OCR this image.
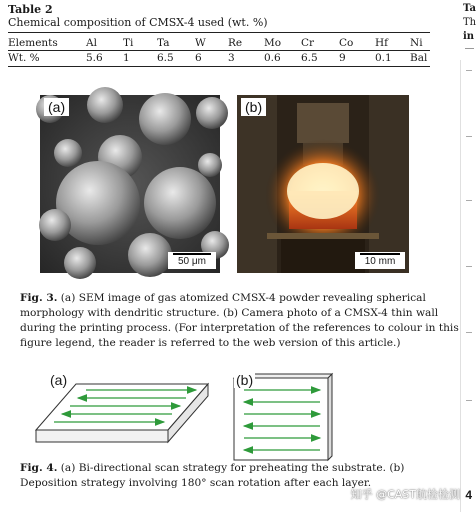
Table 2
Chemical composition of CMSX-4 used (wt. %)
Elements	Al	Ti	Ta	W	Re	Mo	Cr	Co	Hf	Ni
Wt. %	5.6	1	6.5	6	3	0.6	6.5	9	0.1	Bal
Ta
Th
in
(a)
50 μm
(b)
10 mm
Fig. 3. (a) SEM image of gas atomized CMSX-4 powder revealing spherical morphology with dendritic structure. (b) Camera photo of a CMSX-4 thin wall during the printing process. (For interpretation of the references to colour in this figure legend, the reader is referred to the web version of this article.)
(a)	(b)
Fig. 4. (a) Bi-directional scan strategy for preheating the substrate. (b) Deposition strategy involving 180° scan rotation after each layer.
知乎 @CAST航检检测 4
